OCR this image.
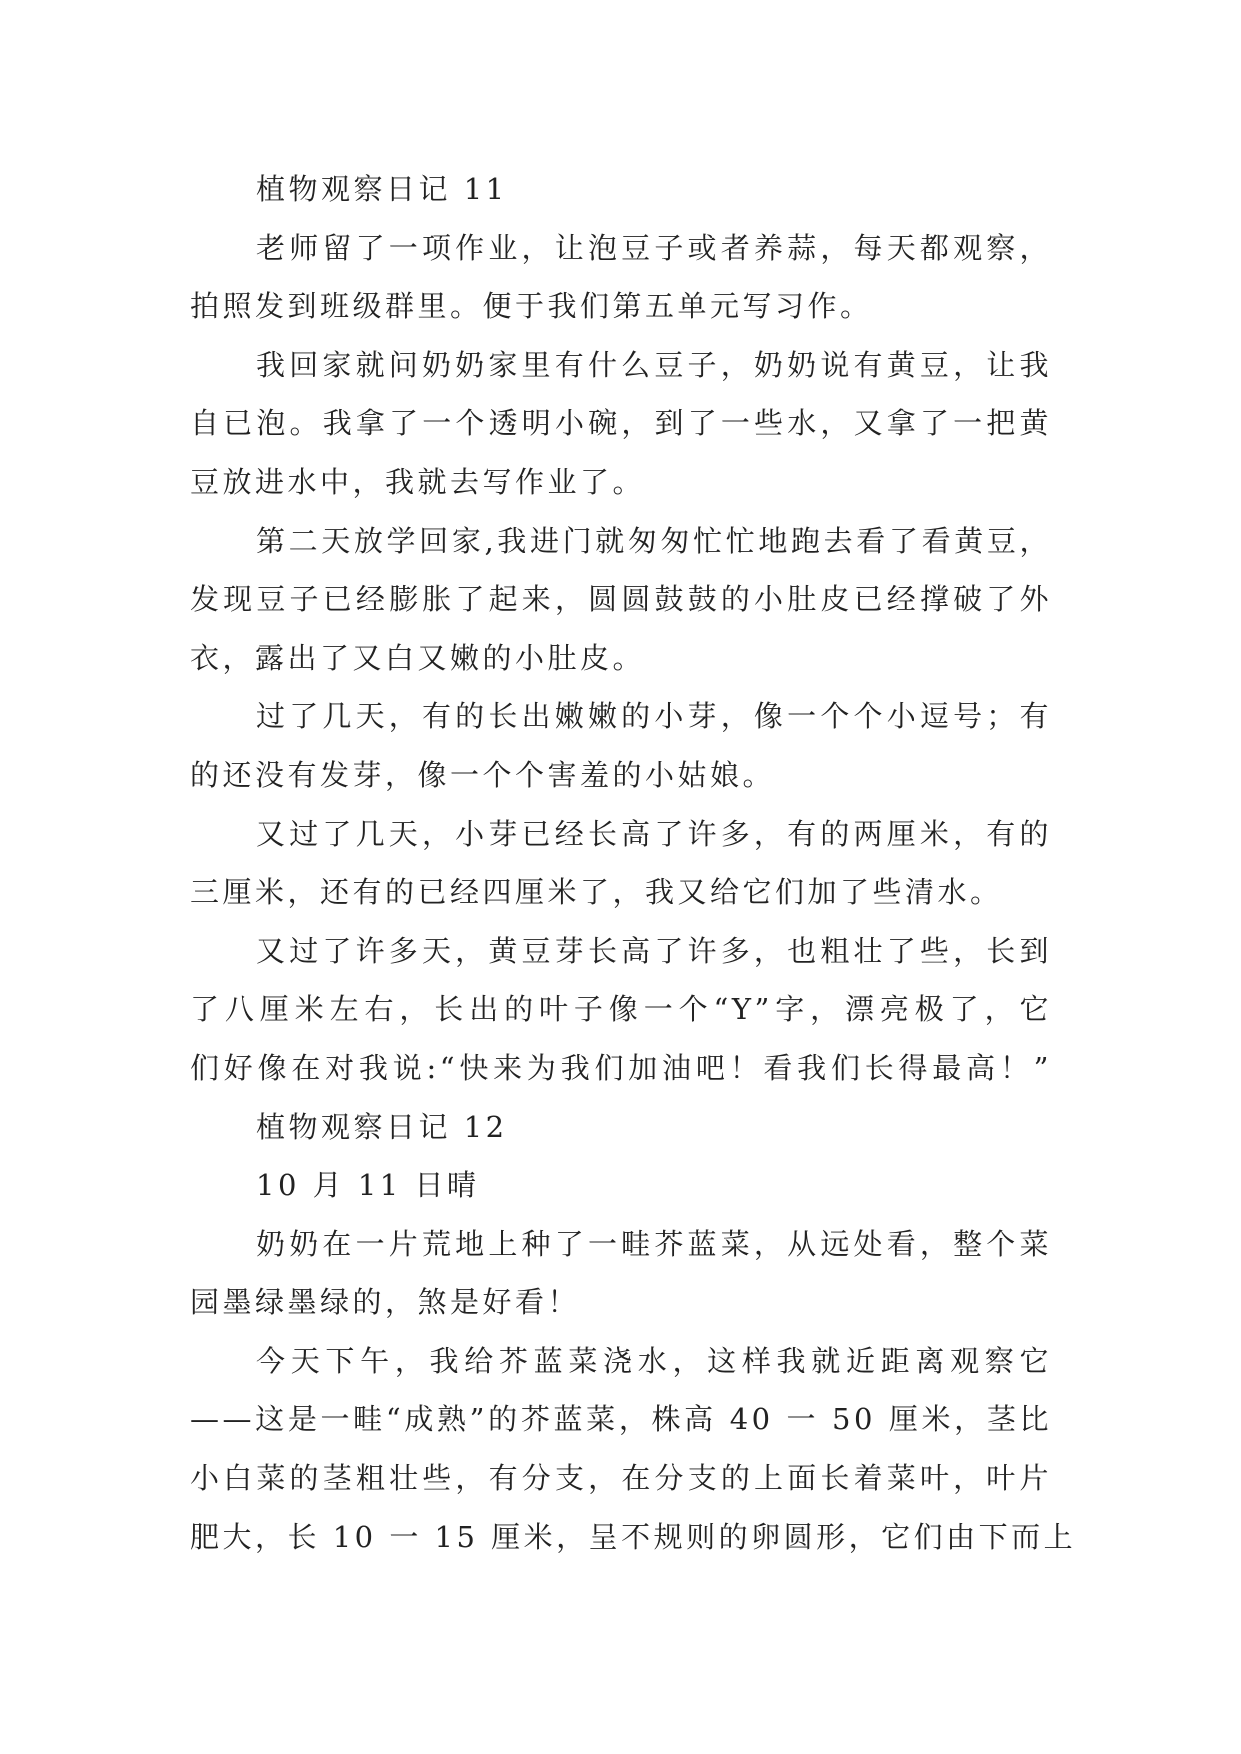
植物观察日记 11
老师留了一项作业，让泡豆子或者养蒜，每天都观察，
拍照发到班级群里。便于我们第五单元写习作。
我回家就问奶奶家里有什么豆子，奶奶说有黄豆，让我
自已泡。我拿了一个透明小碗，到了一些水，又拿了一把黄
豆放进水中，我就去写作业了。
第二天放学回家,我进门就匆匆忙忙地跑去看了看黄豆，
发现豆子已经膨胀了起来，圆圆鼓鼓的小肚皮已经撑破了外
衣，露出了又白又嫩的小肚皮。
过了几天，有的长出嫩嫩的小芽，像一个个小逗号；有
的还没有发芽，像一个个害羞的小姑娘。
又过了几天，小芽已经长高了许多，有的两厘米，有的
三厘米，还有的已经四厘米了，我又给它们加了些清水。
又过了许多天，黄豆芽长高了许多，也粗壮了些，长到
了八厘米左右，长出的叶子像一个“Y”字，漂亮极了，它
们好像在对我说:“快来为我们加油吧！看我们长得最高！”
植物观察日记 12
10 月 11 日晴
奶奶在一片荒地上种了一畦芥蓝菜，从远处看，整个菜
园墨绿墨绿的，煞是好看！
今天下午，我给芥蓝菜浇水，这样我就近距离观察它
——这是一畦“成熟”的芥蓝菜，株高 40 一 50 厘米，茎比
小白菜的茎粗壮些，有分支，在分支的上面长着菜叶，叶片
肥大，长 10 一 15 厘米，呈不规则的卵圆形，它们由下而上
